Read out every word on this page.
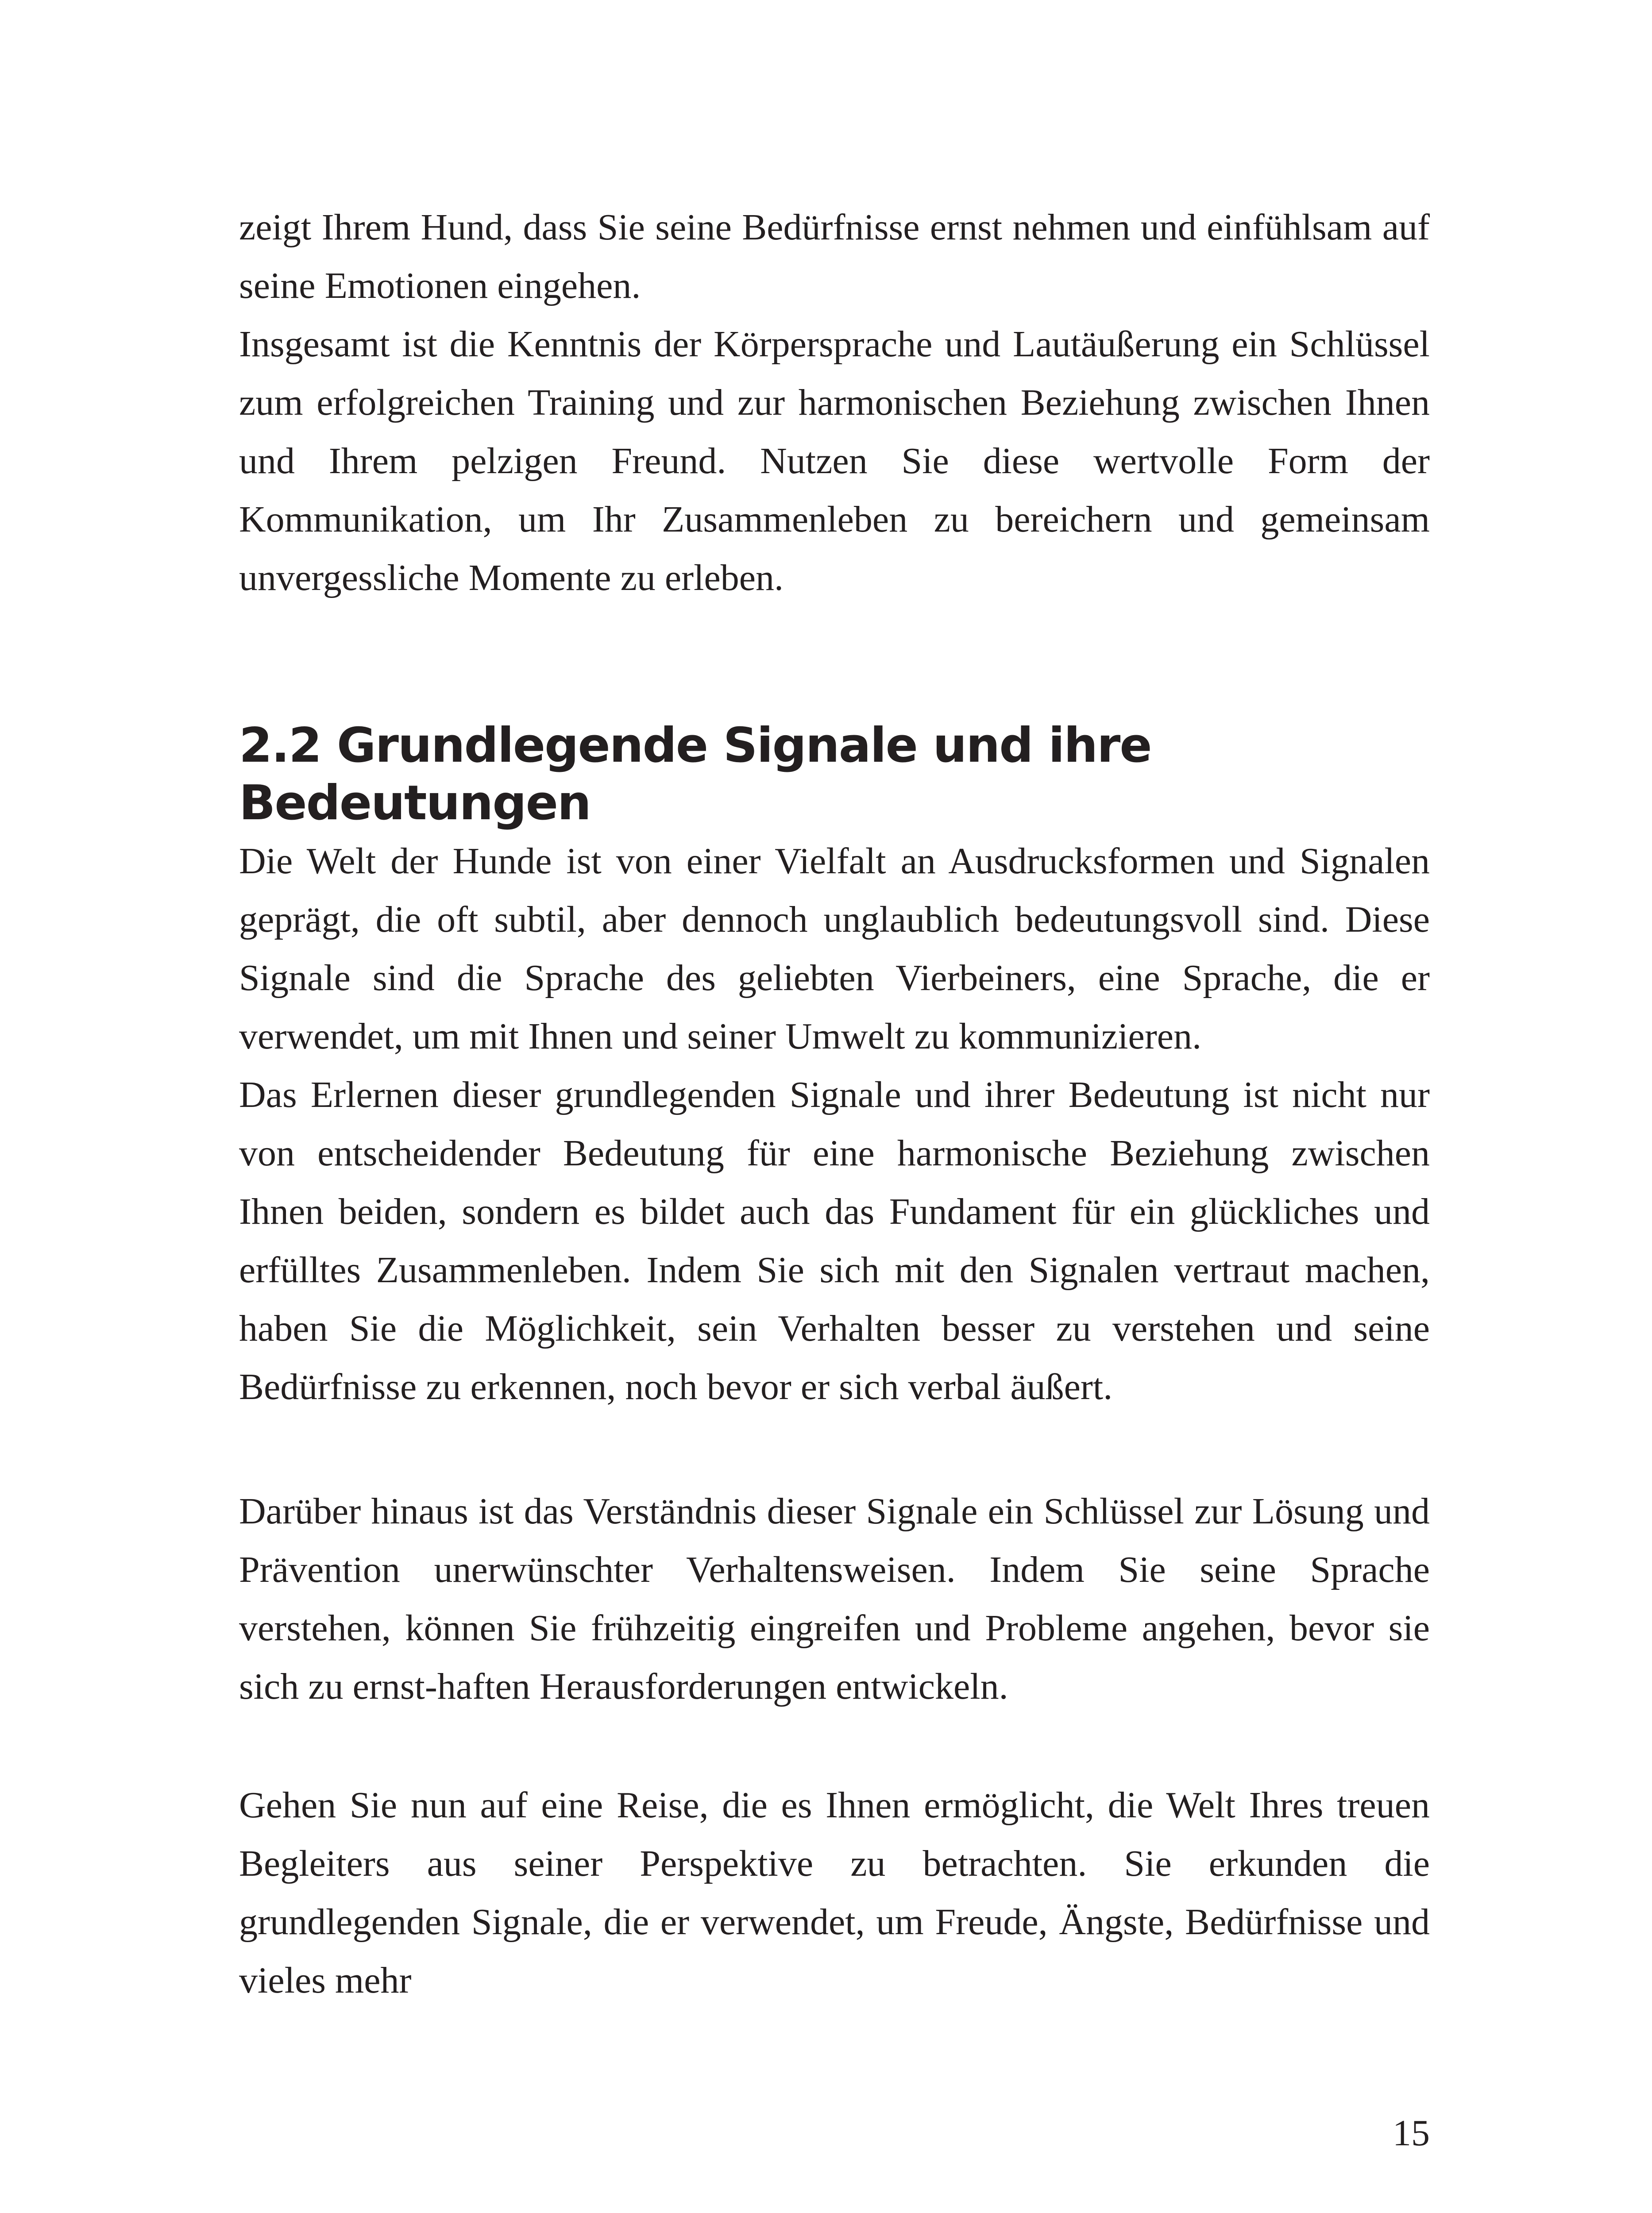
zeigt Ihrem Hund, dass Sie seine Bedürfnisse ernst nehmen und einfühlsam auf seine Emotionen eingehen.

Insgesamt ist die Kenntnis der Körpersprache und Lautäußerung ein Schlüssel zum erfolgreichen Training und zur harmonischen Beziehung zwischen Ihnen und Ihrem pelzigen Freund. Nutzen Sie diese wertvolle Form der Kommunikation, um Ihr Zusammenleben zu bereichern und gemeinsam unvergessliche Momente zu erleben.

2.2 Grundlegende Signale und ihre Bedeutungen

Die Welt der Hunde ist von einer Vielfalt an Ausdrucksformen und Signalen geprägt, die oft subtil, aber dennoch unglaublich bedeutungsvoll sind. Diese Signale sind die Sprache des geliebten Vierbeiners, eine Sprache, die er verwendet, um mit Ihnen und seiner Umwelt zu kommunizieren.

Das Erlernen dieser grundlegenden Signale und ihrer Bedeutung ist nicht nur von entscheidender Bedeutung für eine harmonische Beziehung zwischen Ihnen beiden, sondern es bildet auch das Fundament für ein glückliches und erfülltes Zusammenleben. Indem Sie sich mit den Signalen vertraut machen, haben Sie die Möglichkeit, sein Verhalten besser zu verstehen und seine Bedürfnisse zu erkennen, noch bevor er sich verbal äußert.

Darüber hinaus ist das Verständnis dieser Signale ein Schlüssel zur Lösung und Prävention unerwünschter Verhaltensweisen. Indem Sie seine Sprache verstehen, können Sie frühzeitig eingreifen und Probleme angehen, bevor sie sich zu ernst-haften Herausforderungen entwickeln.

Gehen Sie nun auf eine Reise, die es Ihnen ermöglicht, die Welt Ihres treuen Begleiters aus seiner Perspektive zu betrachten. Sie erkunden die grundlegenden Signale, die er verwendet, um Freude, Ängste, Bedürfnisse und vieles mehr

15
